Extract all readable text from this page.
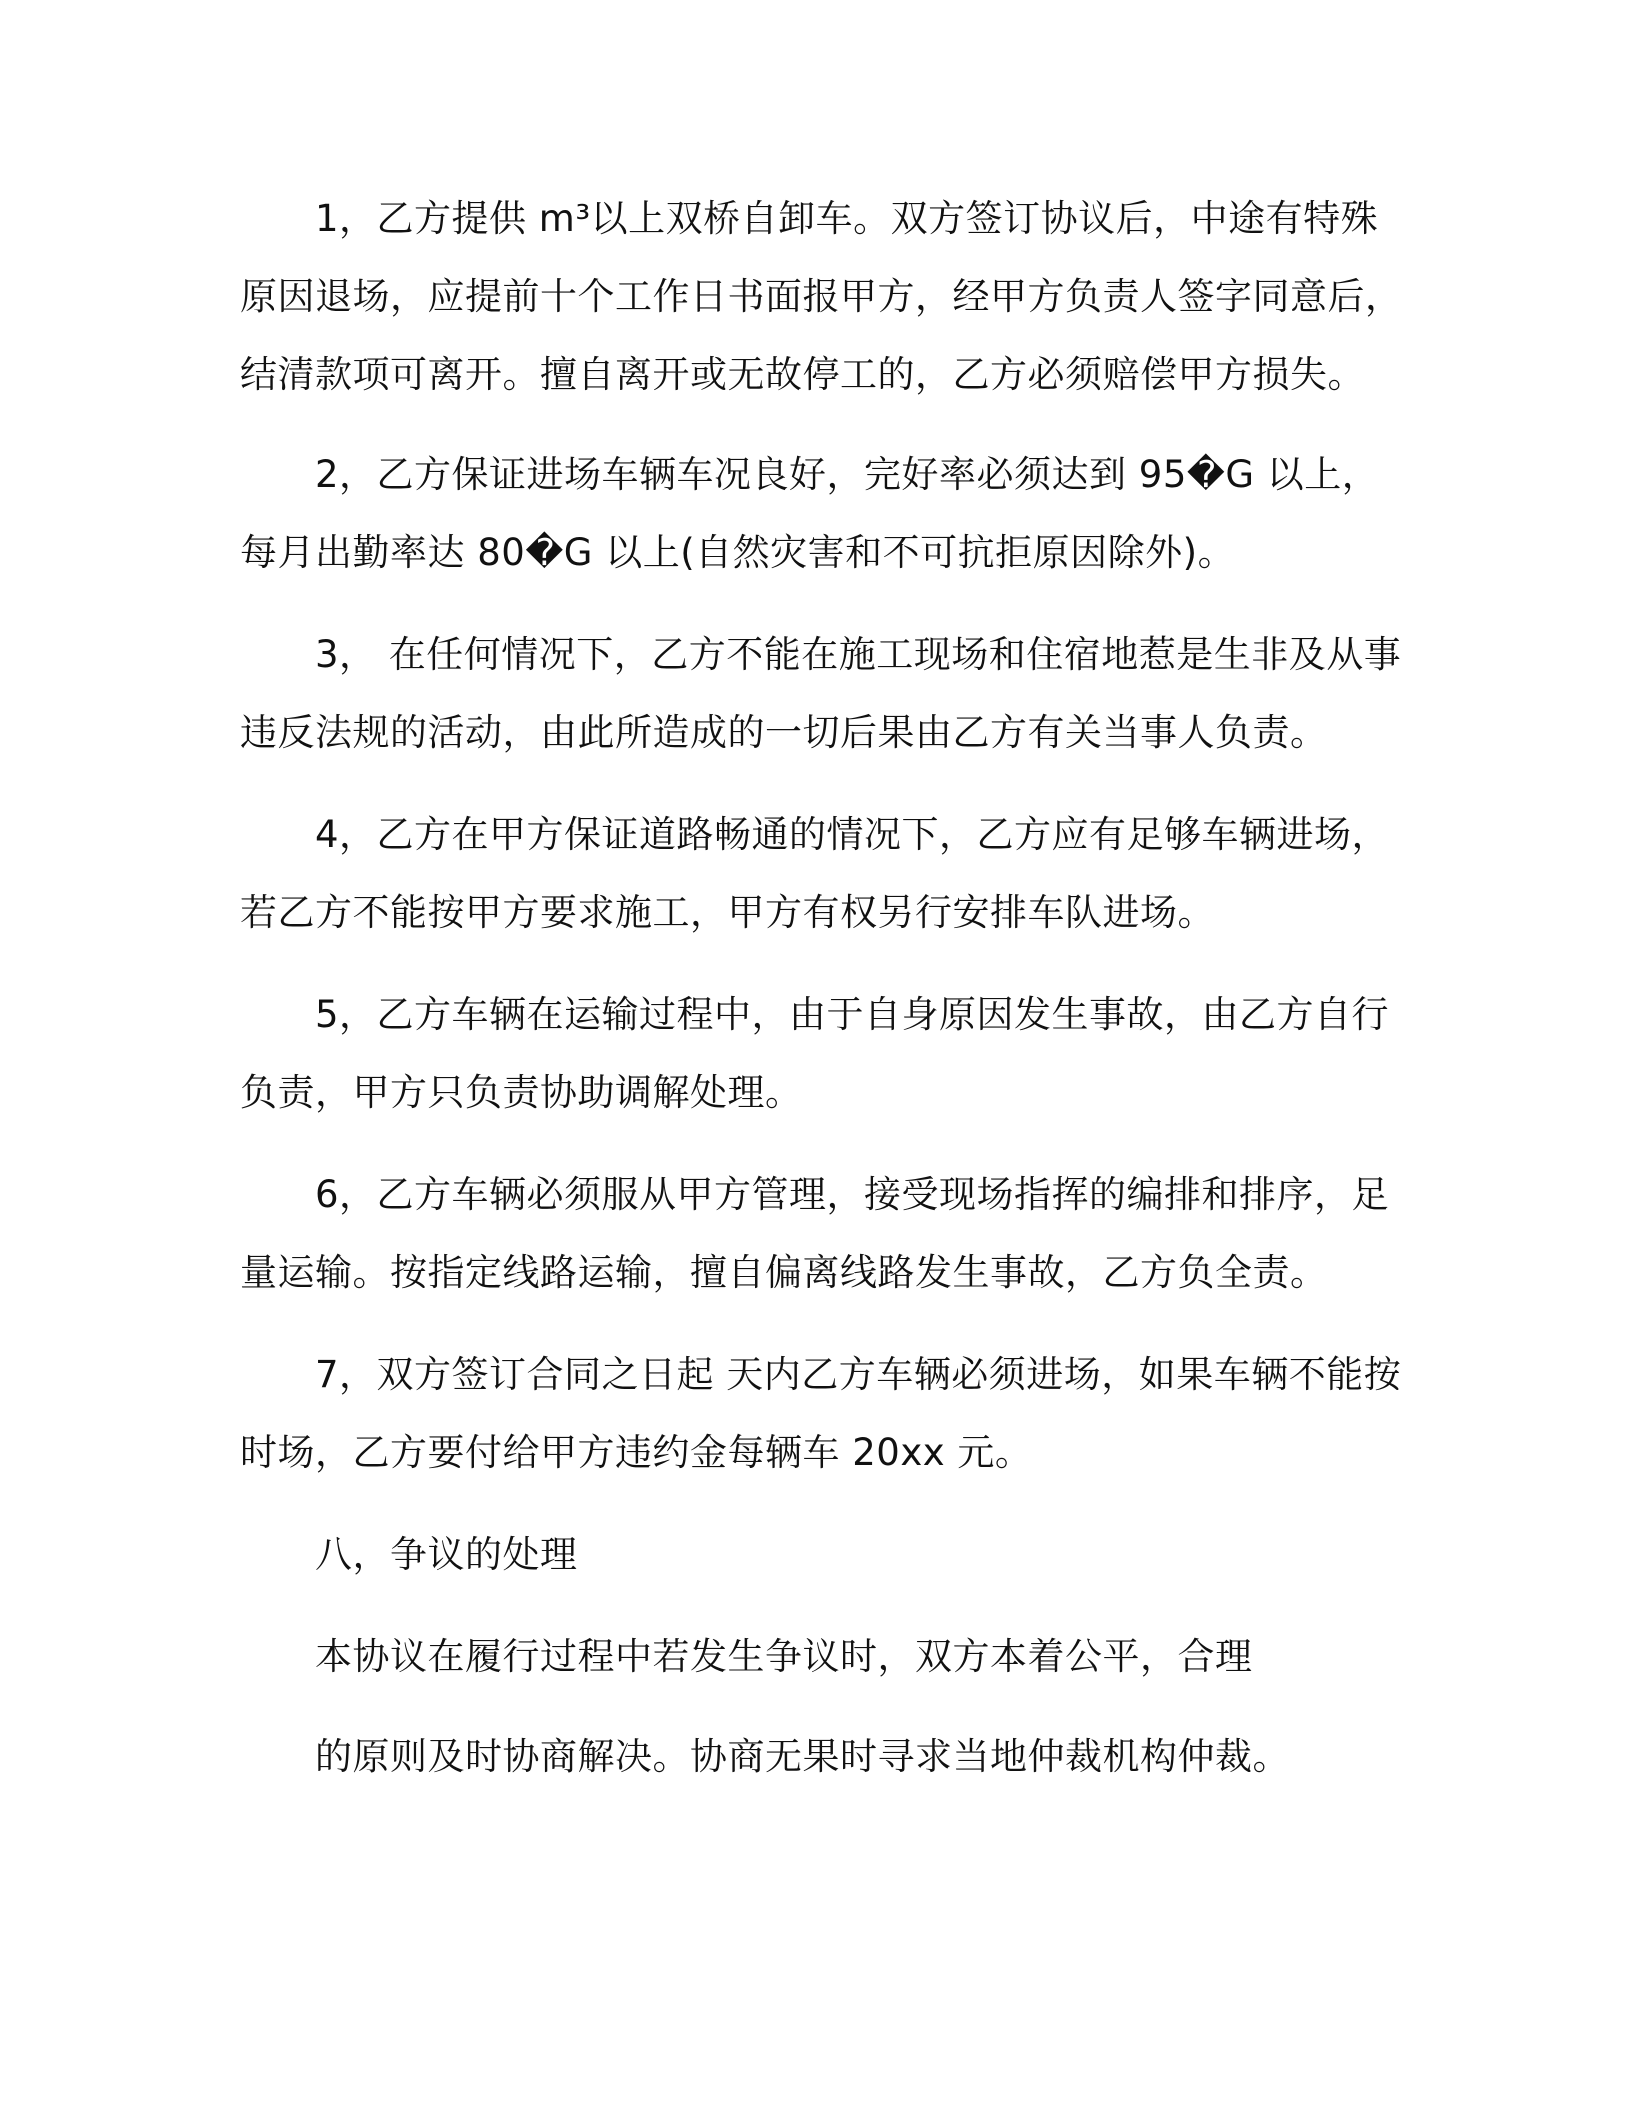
1，乙方提供 m³以上双桥自卸车。双方签订协议后，中途有特殊
原因退场，应提前十个工作日书面报甲方，经甲方负责人签字同意后，
结清款项可离开。擅自离开或无故停工的，乙方必须赔偿甲方损失。
2，乙方保证进场车辆车况良好，完好率必须达到 95�G 以上，
每月出勤率达 80�G 以上(自然灾害和不可抗拒原因除外)。
3， 在任何情况下，乙方不能在施工现场和住宿地惹是生非及从事
违反法规的活动，由此所造成的一切后果由乙方有关当事人负责。
4，乙方在甲方保证道路畅通的情况下，乙方应有足够车辆进场，
若乙方不能按甲方要求施工，甲方有权另行安排车队进场。
5，乙方车辆在运输过程中，由于自身原因发生事故，由乙方自行
负责，甲方只负责协助调解处理。
6，乙方车辆必须服从甲方管理，接受现场指挥的编排和排序，足
量运输。按指定线路运输，擅自偏离线路发生事故，乙方负全责。
7，双方签订合同之日起 天内乙方车辆必须进场，如果车辆不能按
时场，乙方要付给甲方违约金每辆车 20xx 元。
八，争议的处理
本协议在履行过程中若发生争议时，双方本着公平，合理
的原则及时协商解决。协商无果时寻求当地仲裁机构仲裁。
